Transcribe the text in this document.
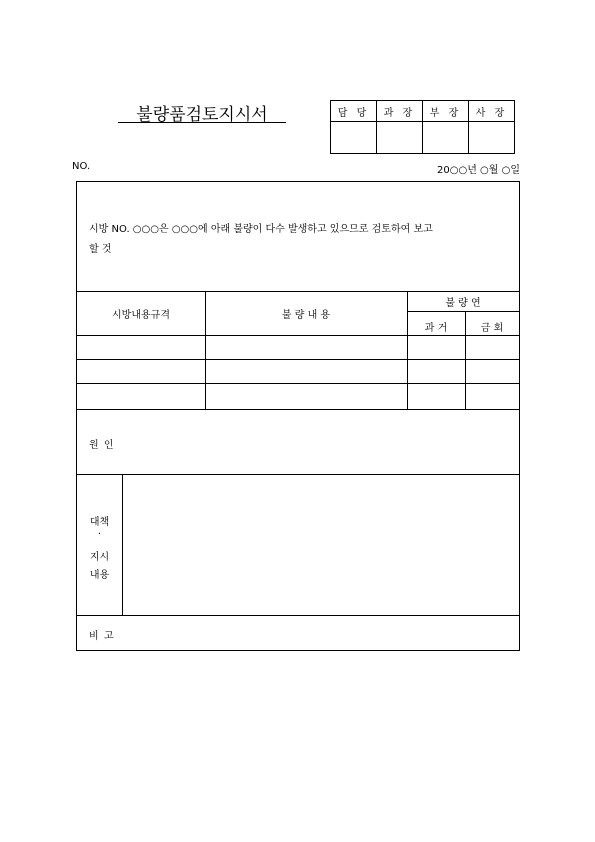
불량품검토지시서	담 당	과 장	부 장	사 장

NO.	20○○년 ○월 ○일
시방 NO. ○○○은 ○○○에 아래 불량이 다수 발생하고 있으므로 검토하여 보고
할 것
시방내용규격	불 량 내 용
불 량 연
과 거	금 회
원 인
대책
·
지시
내용
비 고
